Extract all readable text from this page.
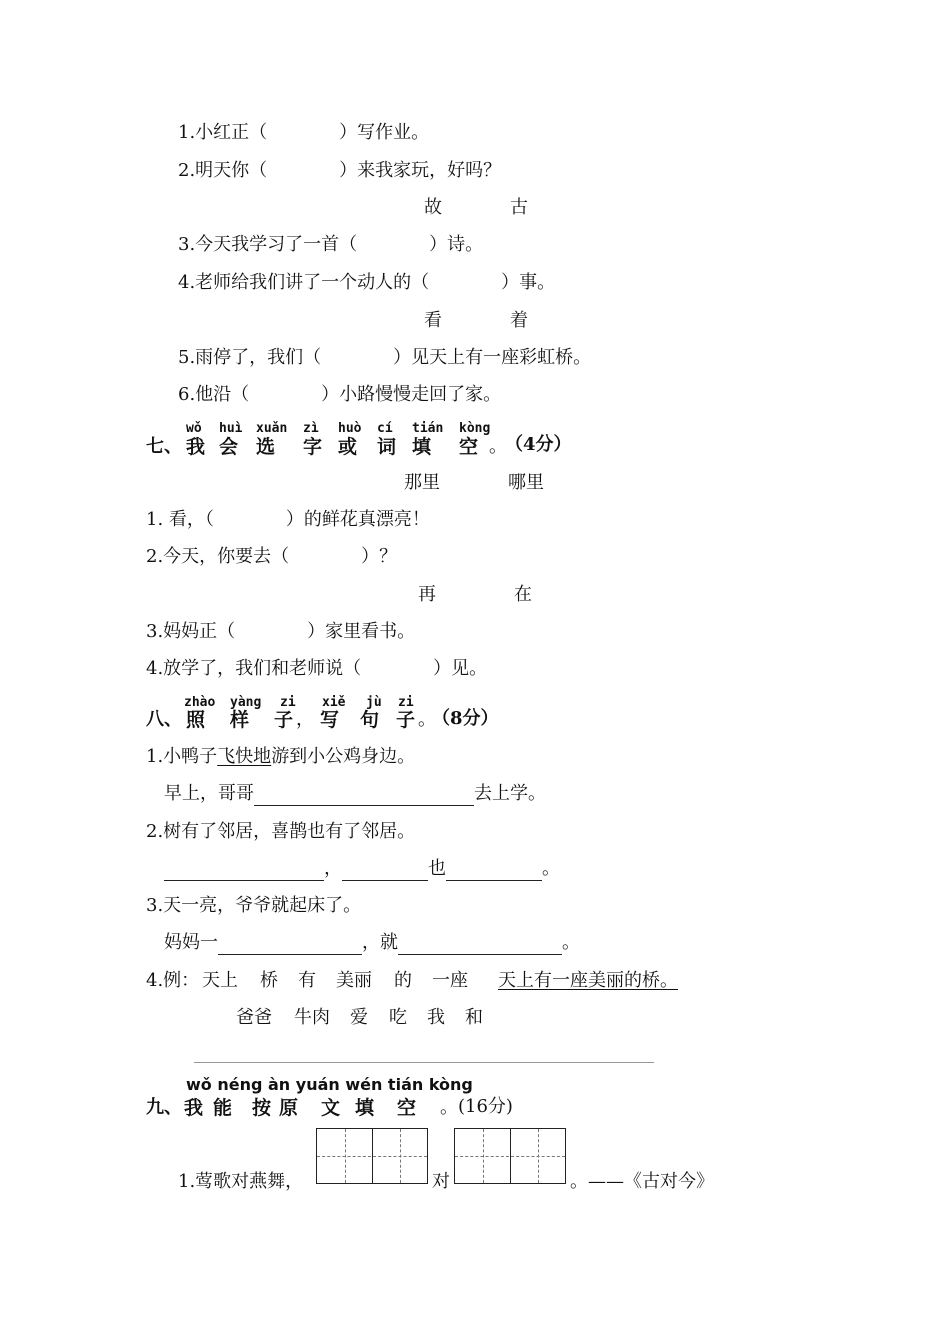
1.小红正（　　　　）写作业。
2.明天你（　　　　）来我家玩，好吗？
故	古
3.今天我学习了一首（　　　　）诗。
4.老师给我们讲了一个动人的（　　　　）事。
看	着
5.雨停了，我们（　　　　）见天上有一座彩虹桥。
6.他沿（　　　　）小路慢慢走回了家。
七、
wǒ
我
huì
会
xuǎn
选
zì
字
huò
或
cí
词
tián
填
kòng
空 。
（4分）
那里	哪里
1. 看，（　　　　）的鲜花真漂亮！
2.今天，你要去（　　　　）？
再	在
3.妈妈正（　　　　）家里看书。
4.放学了，我们和老师说（　　　　）见。
八、
zhào
照
yàng
样
zi
子 ，
xiě
写
jù
句
zi
子 。
（8分）
1.小鸭子飞快地游到小公鸡身边。
早上，哥哥	去上学。
2.树有了邻居，喜鹊也有了邻居。
，	也	。
3.天一亮，爷爷就起床了。
妈妈一	，就	。
4.例： 天上 桥 有 美丽 的 一座 天上有一座美丽的桥。
爸爸 牛肉 爱 吃 我 和
wǒ néng àn yuán wén tián kòng
九、 我 能 按 原 文 填 空 。 (16分)
1.莺歌对燕舞，	对	。——《古对今》
